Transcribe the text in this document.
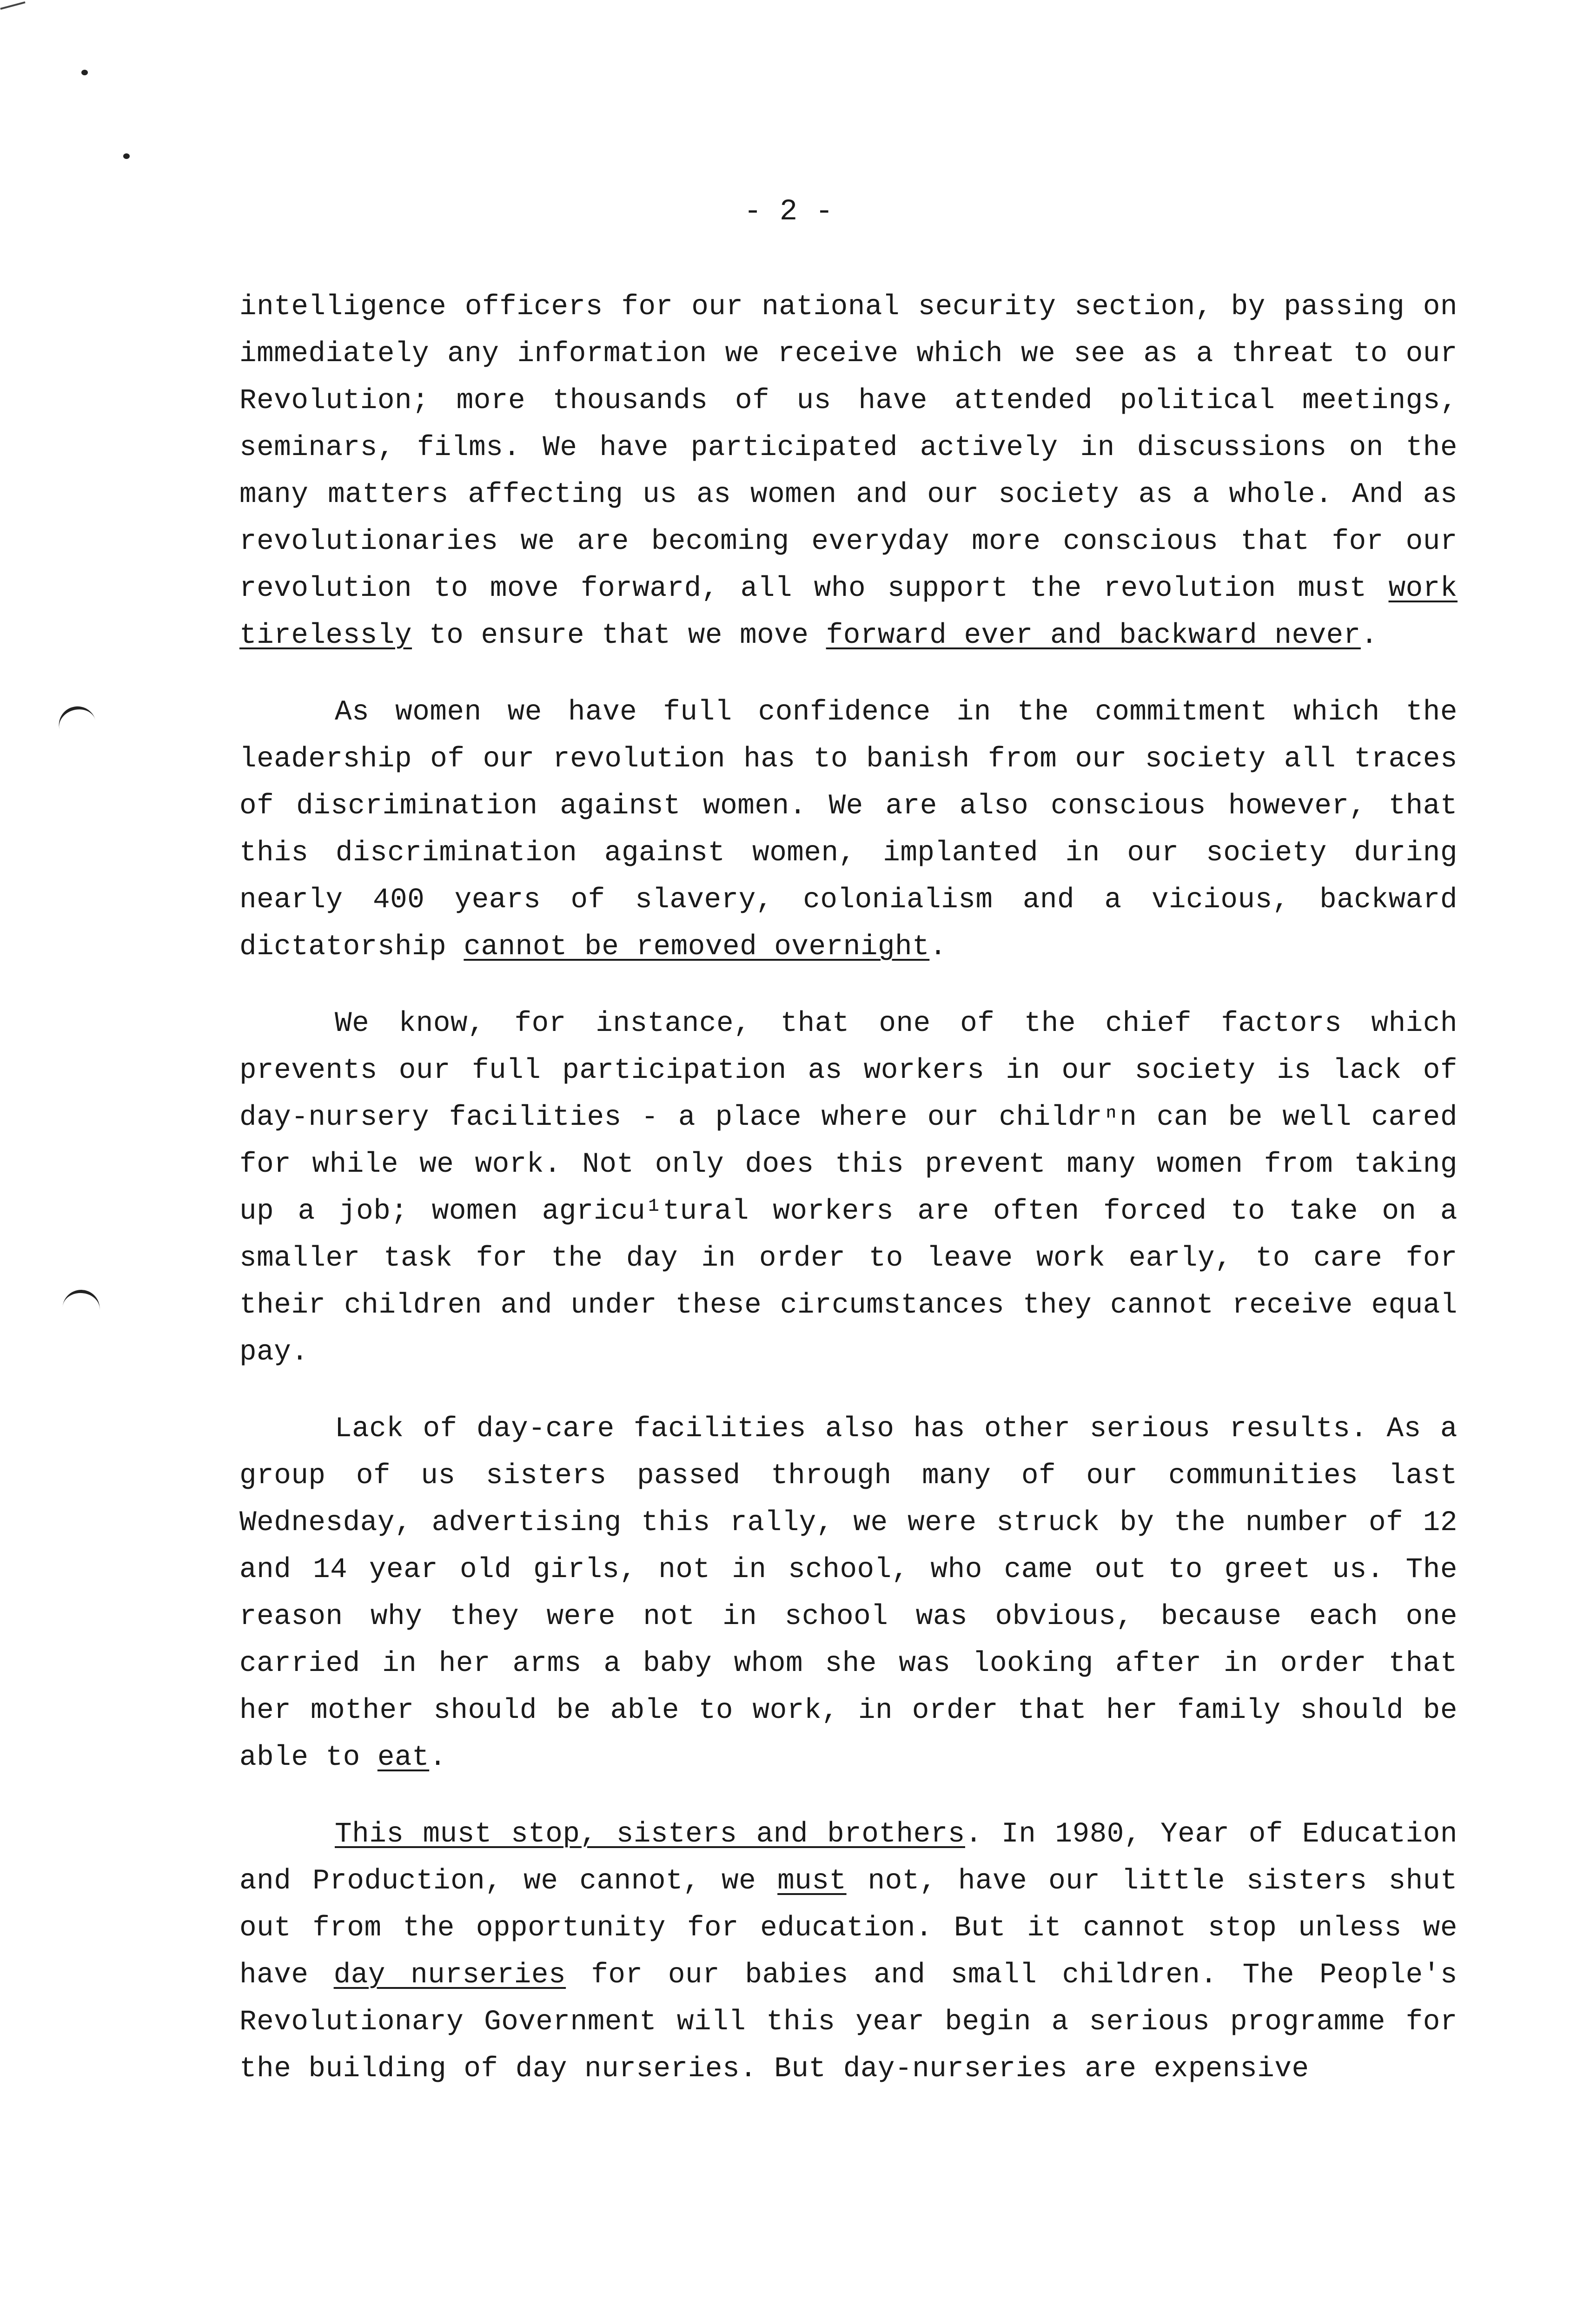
- 2 -

intelligence officers for our national security section, by passing on immediately any information we receive which we see as a threat to our Revolution; more thousands of us have attended political meetings, seminars, films. We have participated actively in discussions on the many matters affecting us as women and our society as a whole. And as revolutionaries we are becoming everyday more conscious that for our revolution to move forward, all who support the revolution must work tirelessly to ensure that we move forward ever and backward never.

As women we have full confidence in the commitment which the leadership of our revolution has to banish from our society all traces of discrimination against women. We are also conscious however, that this discrimination against women, implanted in our society during nearly 400 years of slavery, colonialism and a vicious, backward dictatorship cannot be removed overnight.

We know, for instance, that one of the chief factors which prevents our full participation as workers in our society is lack of day-nursery facilities - a place where our childrⁿn can be well cared for while we work. Not only does this prevent many women from taking up a job; women agricu¹tural workers are often forced to take on a smaller task for the day in order to leave work early, to care for their children and under these circumstances they cannot receive equal pay.

Lack of day-care facilities also has other serious results. As a group of us sisters passed through many of our communities last Wednesday, advertising this rally, we were struck by the number of 12 and 14 year old girls, not in school, who came out to greet us. The reason why they were not in school was obvious, because each one carried in her arms a baby whom she was looking after in order that her mother should be able to work, in order that her family should be able to eat.

This must stop, sisters and brothers. In 1980, Year of Education and Production, we cannot, we must not, have our little sisters shut out from the opportunity for education. But it cannot stop unless we have day nurseries for our babies and small children. The People's Revolutionary Government will this year begin a serious programme for the building of day nurseries. But day-nurseries are expensive
